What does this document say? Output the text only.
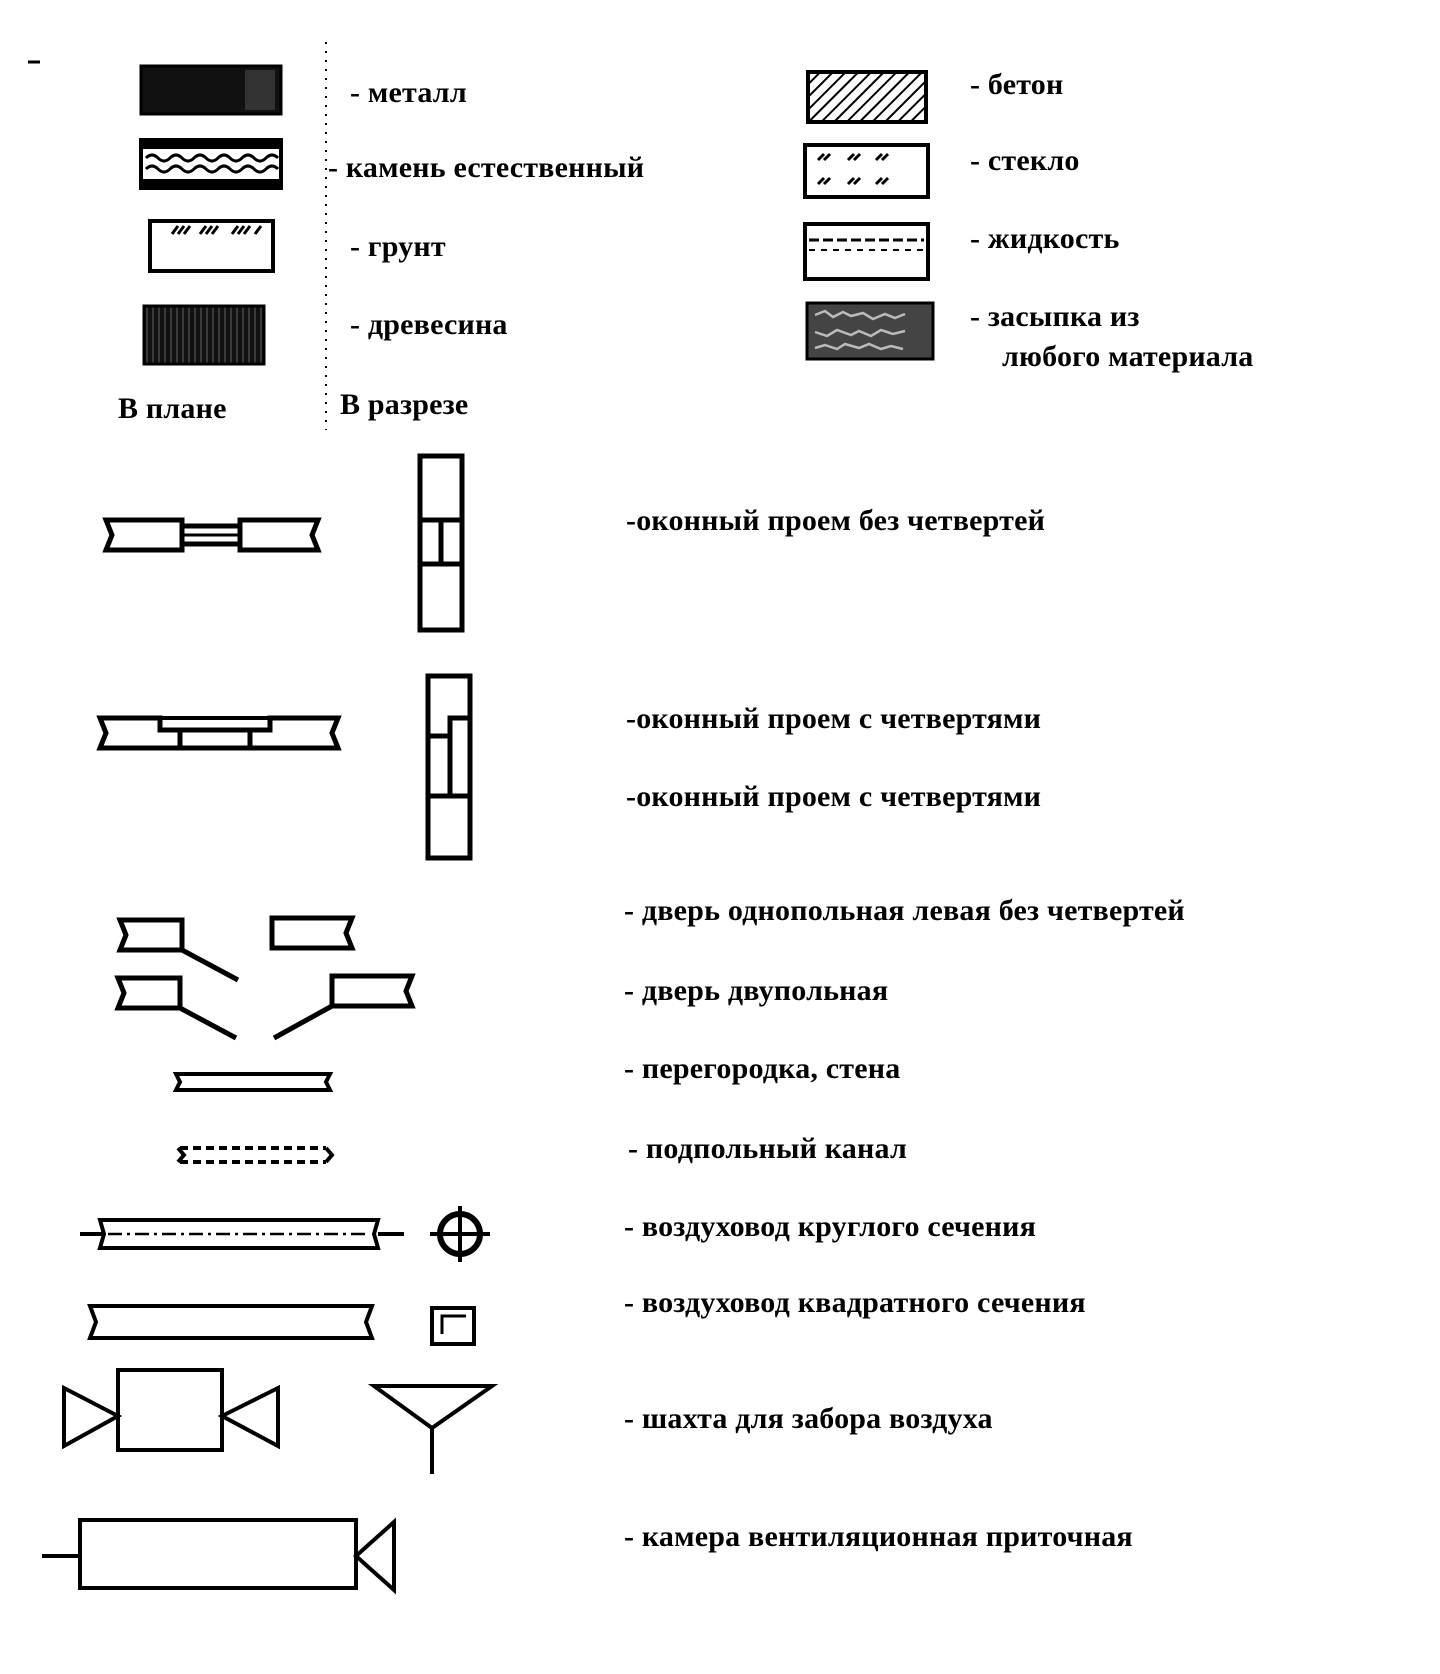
- металл
- камень естественный
- грунт
- древесина
- бетон
- стекло
- жидкость
- засыпка из
любого материала
В плане	В разрезе
-оконный проем без четвертей
-оконный проем с четвертями
-оконный проем с четвертями
- дверь однопольная левая без четвертей
- дверь двупольная
- перегородка, стена
- подпольный канал
- воздуховод круглого сечения
- воздуховод квадратного сечения
- шахта для забора воздуха
- камера вентиляционная приточная
